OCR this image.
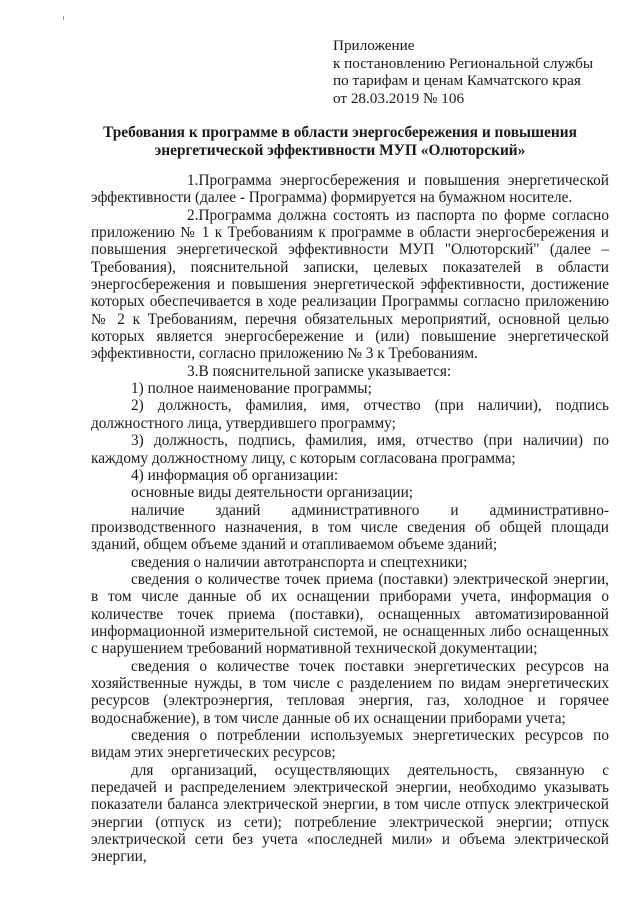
Приложение
к постановлению Региональной службы
по тарифам и ценам Камчатского края
от 28.03.2019 № 106
Требования к программе в области энергосбережения и повышения
энергетической эффективности МУП «Олюторский»

1.Программа энергосбережения и повышения энергетической эффективности (далее - Программа) формируется на бумажном носителе.

2.Программа должна состоять из паспорта по форме согласно приложению № 1 к Требованиям к программе в области энергосбережения и повышения энергетической эффективности МУП "Олюторский" (далее – Требования), пояснительной записки, целевых показателей в области энергосбережения и повышения энергетической эффективности, достижение которых обеспечивается в ходе реализации Программы согласно приложению № 2 к Требованиям, перечня обязательных мероприятий, основной целью которых является энергосбережение и (или) повышение энергетической эффективности, согласно приложению № 3 к Требованиям.

3.В пояснительной записке указывается:

1) полное наименование программы;

2) должность, фамилия, имя, отчество (при наличии), подпись должностного лица, утвердившего программу;

3) должность, подпись, фамилия, имя, отчество (при наличии) по каждому должностному лицу, с которым согласована программа;

4) информация об организации:

основные виды деятельности организации;

наличие зданий административного и административно-производственного назначения, в том числе сведения об общей площади зданий, общем объеме зданий и отапливаемом объеме зданий;

сведения о наличии автотранспорта и спецтехники;

сведения о количестве точек приема (поставки) электрической энергии, в том числе данные об их оснащении приборами учета, информация о количестве точек приема (поставки), оснащенных автоматизированной информационной измерительной системой, не оснащенных либо оснащенных с нарушением требований нормативной технической документации;

сведения о количестве точек поставки энергетических ресурсов на хозяйственные нужды, в том числе с разделением по видам энергетических ресурсов (электроэнергия, тепловая энергия, газ, холодное и горячее водоснабжение), в том числе данные об их оснащении приборами учета;

сведения о потреблении используемых энергетических ресурсов по видам этих энергетических ресурсов;

для организаций, осуществляющих деятельность, связанную с передачей и распределением электрической энергии, необходимо указывать показатели баланса электрической энергии, в том числе отпуск электрической энергии (отпуск из сети); потребление электрической энергии; отпуск электрической сети без учета «последней мили» и объема электрической энергии,
